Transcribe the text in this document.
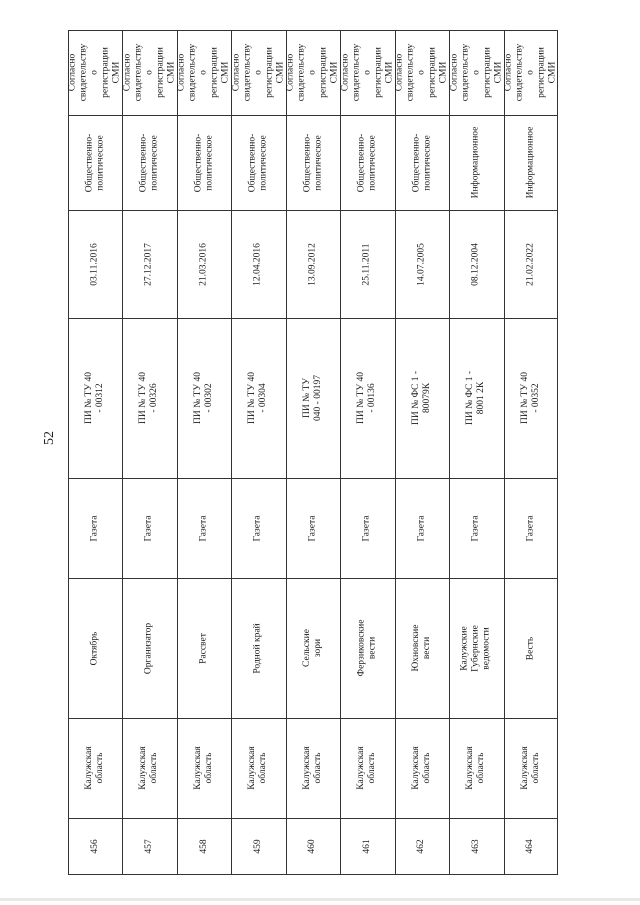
52
456
Калужская
область
Октябрь
Газета
ПИ № ТУ 40 - 00312
03.11.2016
Общественно-
политическое
Согласно
свидетельству о
регистрации СМИ
457
Калужская
область
Организатор
Газета
ПИ № ТУ 40 - 00326
27.12.2017
Общественно-
политическое
Согласно
свидетельству о
регистрации СМИ
458
Калужская
область
Рассвет
Газета
ПИ № ТУ 40 - 00302
21.03.2016
Общественно-
политическое
Согласно
свидетельству о
регистрации СМИ
459
Калужская
область
Родной край
Газета
ПИ № ТУ 40 - 00304
12.04.2016
Общественно-
политическое
Согласно
свидетельству о
регистрации СМИ
460
Калужская
область
Сельские зори
Газета
ПИ № ТУ 040 - 00197
13.09.2012
Общественно-
политическое
Согласно
свидетельству о
регистрации СМИ
461
Калужская
область
Ферзиковские вести
Газета
ПИ № ТУ 40 - 00136
25.11.2011
Общественно-
политическое
Согласно
свидетельству о
регистрации СМИ
462
Калужская
область
Юхновские вести
Газета
ПИ № ФС 1 - 80079К
14.07.2005
Общественно-
политическое
Согласно
свидетельству о
регистрации СМИ
463
Калужская
область
Калужские Губернские
ведомости
Газета
ПИ № ФС 1 - 8001 2К
08.12.2004
Информационное
Согласно
свидетельству о
регистрации СМИ
464
Калужская
область
Весть
Газета
ПИ № ТУ 40 - 00352
21.02.2022
Информационное
Согласно
свидетельству о
регистрации СМИ
